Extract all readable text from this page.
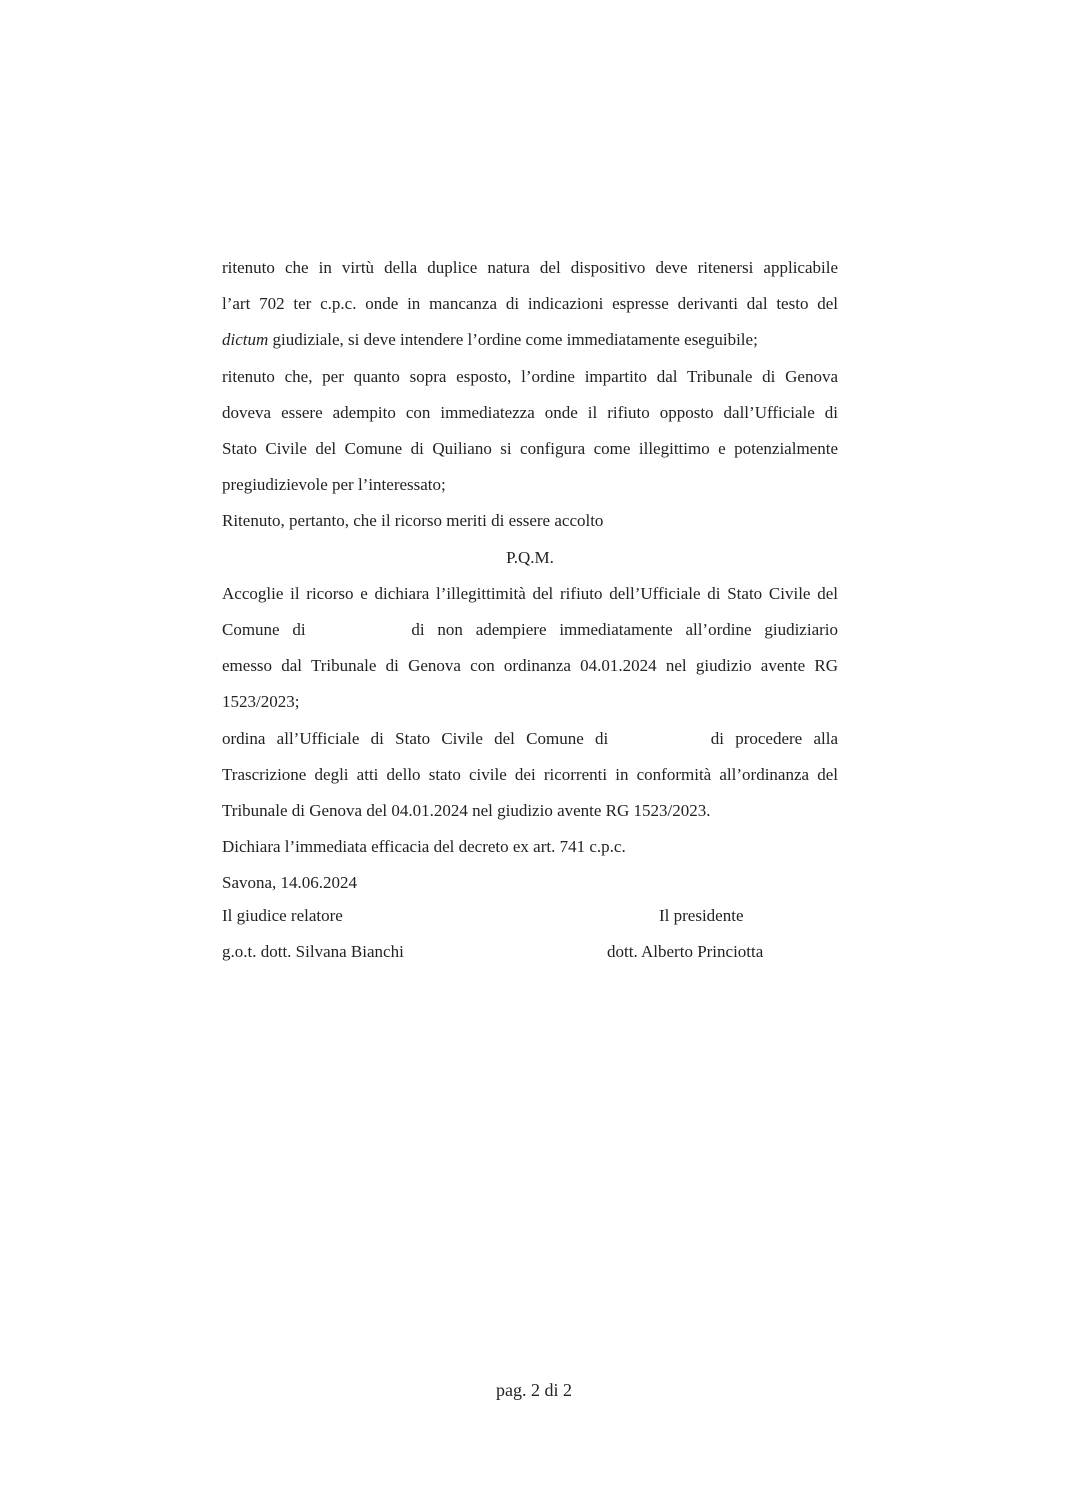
ritenuto che in virtù della duplice natura del dispositivo deve ritenersi applicabile
l’art 702 ter c.p.c. onde in mancanza di indicazioni espresse derivanti dal testo del
dictum giudiziale, si deve intendere l’ordine come immediatamente eseguibile;
ritenuto che, per quanto sopra esposto, l’ordine impartito dal Tribunale di Genova
doveva essere adempito con immediatezza onde il rifiuto opposto dall’Ufficiale di
Stato Civile del Comune di Quiliano si configura come illegittimo e potenzialmente
pregiudizievole per l’interessato;
Ritenuto, pertanto, che il ricorso meriti di essere accolto
P.Q.M.
Accoglie il ricorso e dichiara l’illegittimità del rifiuto dell’Ufficiale di Stato Civile del
Comune di	di non adempiere immediatamente all’ordine giudiziario
emesso dal Tribunale di Genova con ordinanza 04.01.2024 nel giudizio avente RG
1523/2023;
ordina all’Ufficiale di Stato Civile del Comune di	di procedere alla
Trascrizione degli atti dello stato civile dei ricorrenti in conformità all’ordinanza del
Tribunale di Genova del 04.01.2024 nel giudizio avente RG 1523/2023.
Dichiara l’immediata efficacia del decreto ex art. 741 c.p.c.
Savona, 14.06.2024
Il giudice relatore	Il presidente
g.o.t. dott. Silvana Bianchi	dott. Alberto Princiotta
pag. 2 di 2
